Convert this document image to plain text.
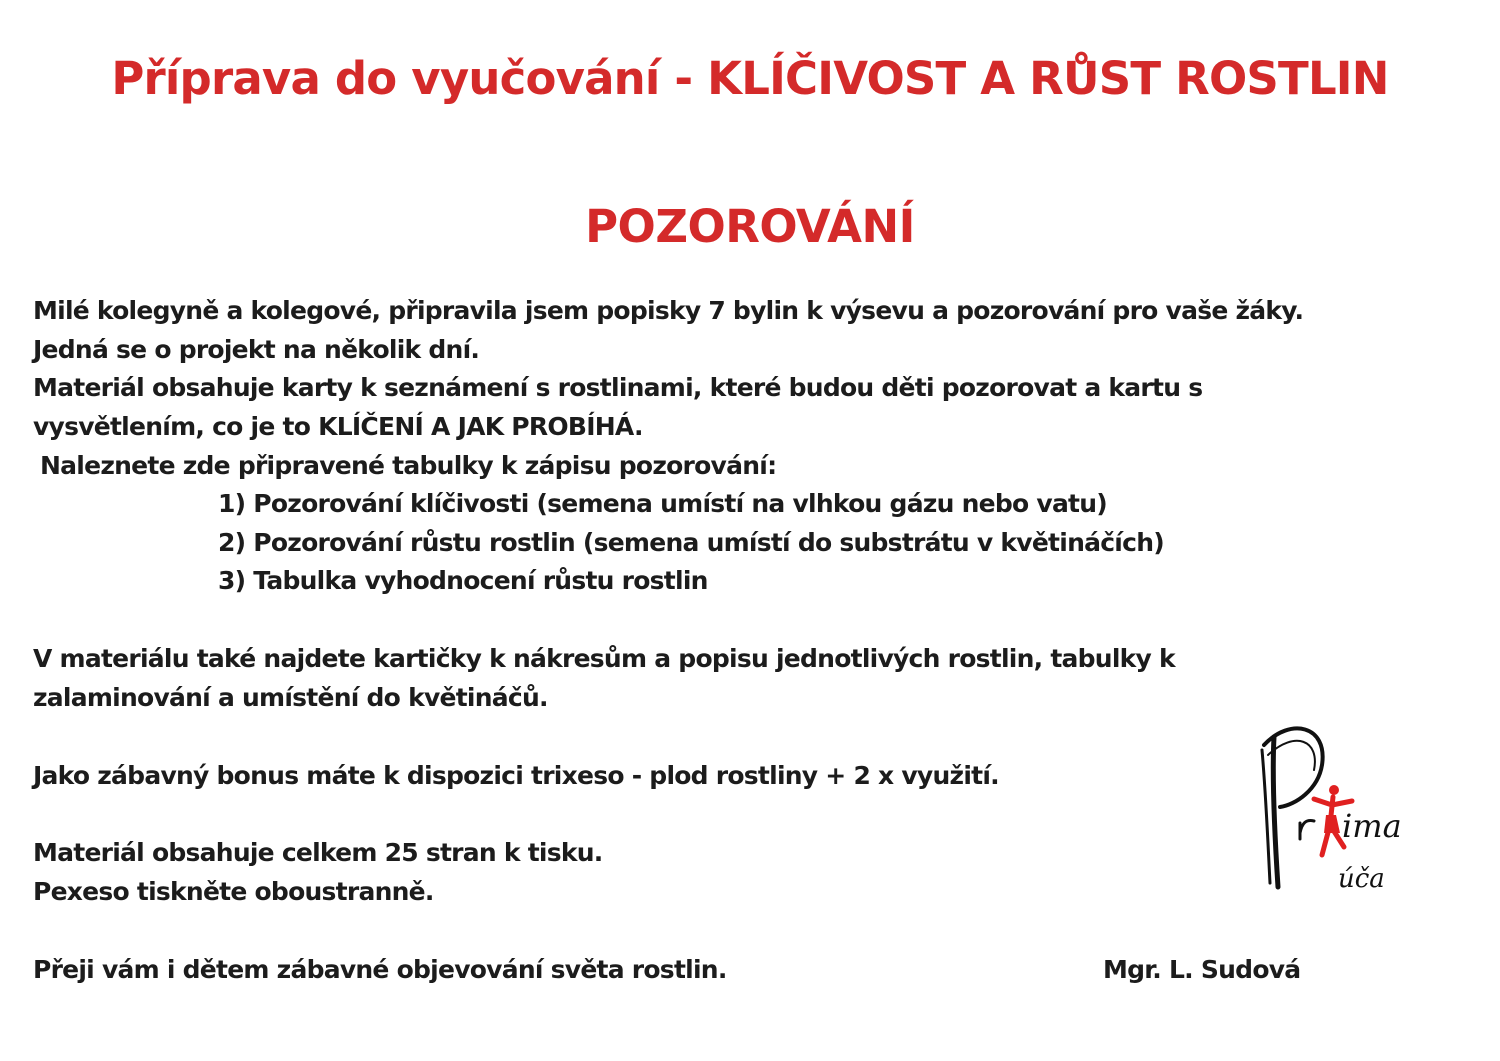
Příprava do vyučování - KLÍČIVOST A RŮST ROSTLIN
POZOROVÁNÍ

Milé kolegyně a kolegové, připravila jsem popisky 7 bylin k výsevu a pozorování pro vaše žáky.

Jedná se o projekt na několik dní.

Materiál obsahuje karty k seznámení s rostlinami, které budou děti pozorovat a kartu s

vysvětlením, co je to KLÍČENÍ A JAK PROBÍHÁ.

Naleznete zde připravené tabulky k zápisu pozorování:

1) Pozorování klíčivosti (semena umístí na vlhkou gázu nebo vatu)

2) Pozorování růstu rostlin (semena umístí do substrátu v květináčích)

3) Tabulka vyhodnocení růstu rostlin

V materiálu také najdete kartičky k nákresům a popisu jednotlivých rostlin, tabulky k

zalaminování a umístění do květináčů.

Jako zábavný bonus máte k dispozici trixeso - plod rostliny + 2 x využití.

Materiál obsahuje celkem 25 stran k tisku.

Pexeso tiskněte oboustranně.

Přeji vám i dětem zábavné objevování světa rostlin.	Mgr. L. Sudová
ima
úča
